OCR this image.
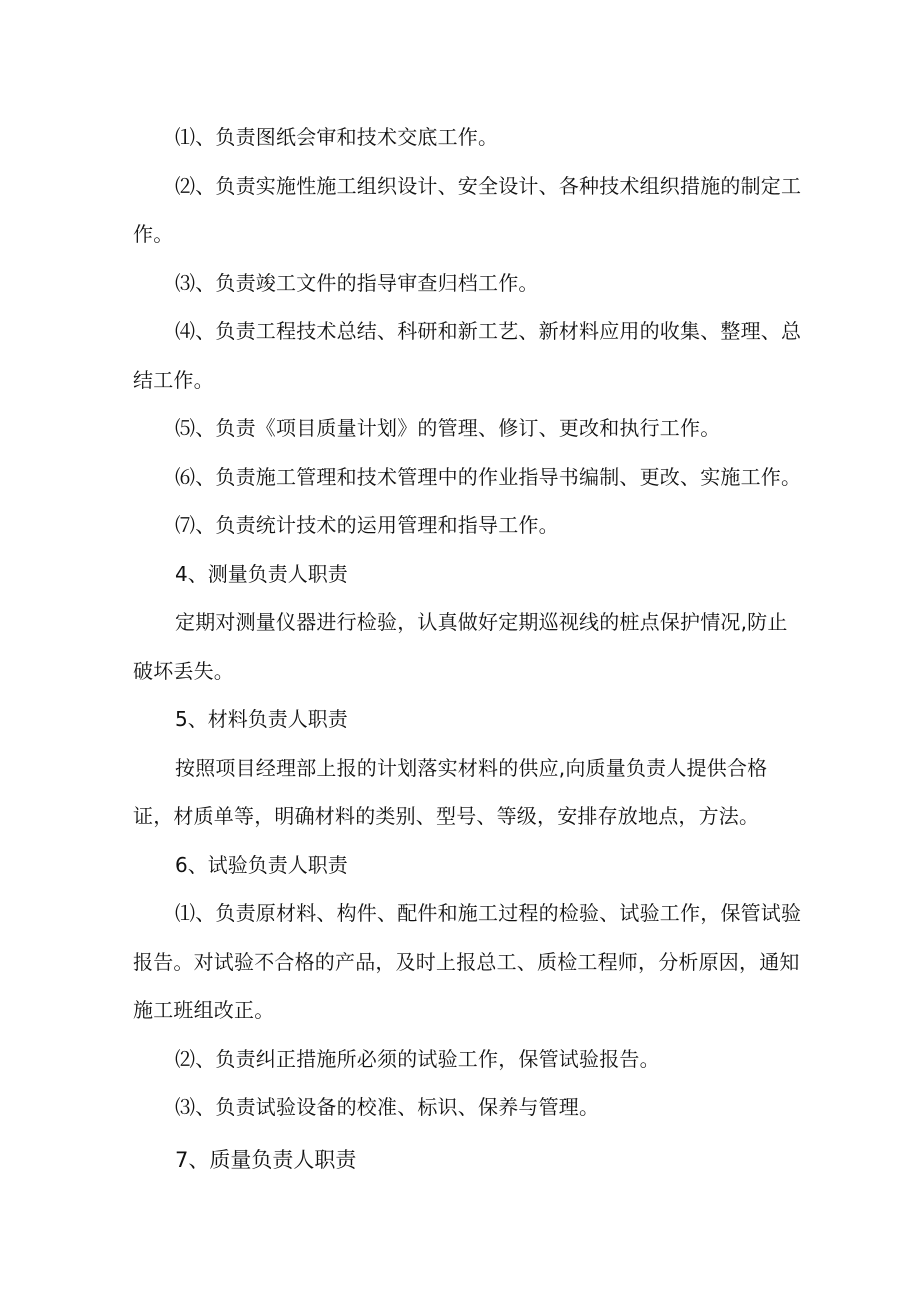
⑴、负责图纸会审和技术交底工作。

⑵、负责实施性施工组织设计、安全设计、各种技术组织措施的制定工作。

⑶、负责竣工文件的指导审查归档工作。

⑷、负责工程技术总结、科研和新工艺、新材料应用的收集、整理、总结工作。

⑸、负责《项目质量计划》的管理、修订、更改和执行工作。

⑹、负责施工管理和技术管理中的作业指导书编制、更改、实施工作。

⑺、负责统计技术的运用管理和指导工作。

4、测量负责人职责

定期对测量仪器进行检验，认真做好定期巡视线的桩点保护情况,防止破坏丢失。

5、材料负责人职责

按照项目经理部上报的计划落实材料的供应,向质量负责人提供合格证，材质单等，明确材料的类别、型号、等级，安排存放地点，方法。

6、试验负责人职责

⑴、负责原材料、构件、配件和施工过程的检验、试验工作，保管试验报告。对试验不合格的产品，及时上报总工、质检工程师，分析原因，通知施工班组改正。

⑵、负责纠正措施所必须的试验工作，保管试验报告。

⑶、负责试验设备的校准、标识、保养与管理。

7、质量负责人职责
